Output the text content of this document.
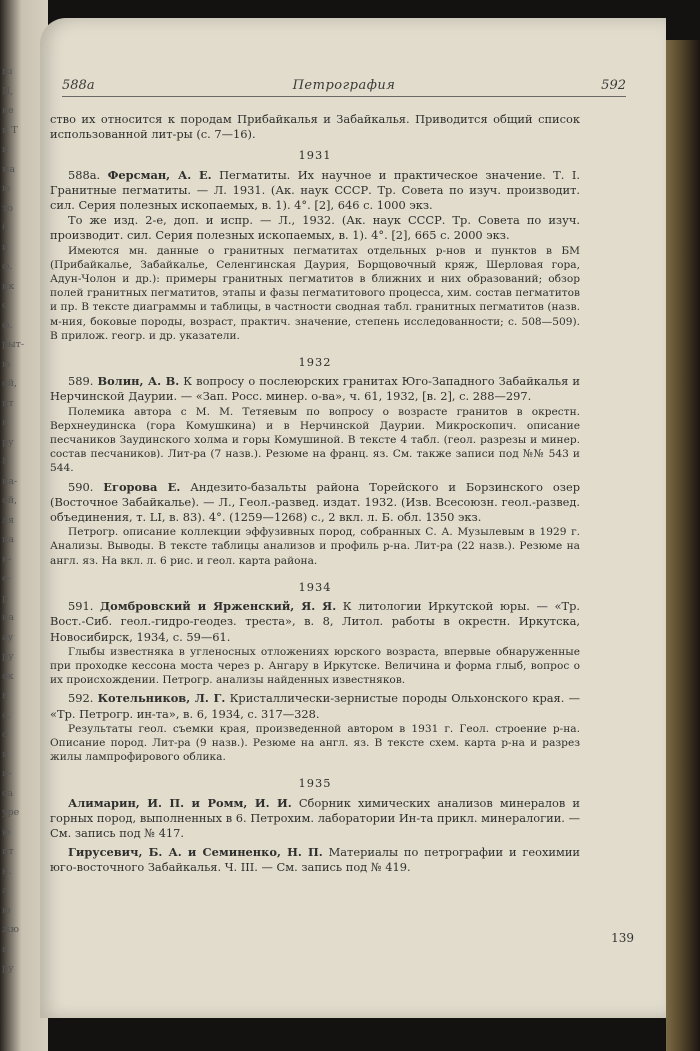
ru
П,
ке
и Т
и
ма
ю
то
6
и
ф.
ик
с
ф.
рыт-
ю
ой,
нт
к
ру
8
на-
ой,
ля
на
к-
е-
р
на
ау
ру
ок
в
с.
о
и
н-
са
уре
ю
ит
н.
а
ю
жю
в
ру
588а	Петрография	592

ство их относится к породам Прибайкалья и Забайкалья. Приводится общий список использованной лит-ры (с. 7—16).

1931

588а. Ферсман, А. Е. Пегматиты. Их научное и практическое значение. Т. I. Гранитные пегматиты. — Л. 1931. (Ак. наук СССР. Тр. Совета по изуч. производит. сил. Серия полезных ископаемых, в. 1). 4°. [2], 646 с. 1000 экз.

То же изд. 2-е, доп. и испр. — Л., 1932. (Ак. наук СССР. Тр. Совета по изуч. производит. сил. Серия полезных ископаемых, в. 1). 4°. [2], 665 с. 2000 экз.

Имеются мн. данные о гранитных пегматитах отдельных р-нов и пунктов в БМ (Прибайкалье, Забайкалье, Селенгинская Даурия, Борщовочный кряж, Шерловая гора, Адун-Чолон и др.): примеры гранитных пегматитов в ближних и них образований; обзор полей гранитных пегматитов, этапы и фазы пегматитового процесса, хим. состав пегматитов и пр. В тексте диаграммы и таблицы, в частности сводная табл. гранитных пегматитов (назв. м-ния, боковые породы, возраст, практич. значение, степень исследованности; с. 508—509). В прилож. геогр. и др. указатели.

1932

589. Волин, А. В. К вопросу о послеюрских гранитах Юго-Западного Забайкалья и Нерчинской Даурии. — «Зап. Росс. минер. о-ва», ч. 61, 1932, [в. 2], с. 288—297.

Полемика автора с М. М. Тетяевым по вопросу о возрасте гранитов в окрестн. Верхнеудинска (гора Комушкина) и в Нерчинской Даурии. Микроскопич. описание песчаников Заудинского холма и горы Комушиной. В тексте 4 табл. (геол. разрезы и минер. состав песчаников). Лит-ра (7 назв.). Резюме на франц. яз. См. также записи под №№ 543 и 544.

590. Егорова Е. Андезито-базальты района Торейского и Борзинского озер (Восточное Забайкалье). — Л., Геол.-развед. издат. 1932. (Изв. Всесоюзн. геол.-развед. объединения, т. LI, в. 83). 4°. (1259—1268) с., 2 вкл. л. Б. обл. 1350 экз.

Петрогр. описание коллекции эффузивных пород, собранных С. А. Музылевым в 1929 г. Анализы. Выводы. В тексте таблицы анализов и профиль р-на. Лит-ра (22 назв.). Резюме на англ. яз. На вкл. л. 6 рис. и геол. карта района.

1934

591. Домбровский и Ярженский, Я. Я. К литологии Иркутской юры. — «Тр. Вост.-Сиб. геол.-гидро-геодез. треста», в. 8, Литол. работы в окрестн. Иркутска, Новосибирск, 1934, с. 59—61.

Глыбы известняка в угленосных отложениях юрского возраста, впервые обнаруженные при проходке кессона моста через р. Ангару в Иркутске. Величина и форма глыб, вопрос о их происхождении. Петрогр. анализы найденных известняков.

592. Котельников, Л. Г. Кристаллически-зернистые породы Ольхонского края. — «Тр. Петрогр. ин-та», в. 6, 1934, с. 317—328.

Результаты геол. съемки края, произведенной автором в 1931 г. Геол. строение р-на. Описание пород. Лит-ра (9 назв.). Резюме на англ. яз. В тексте схем. карта р-на и разрез жилы лампрофирового облика.

1935

Алимарин, И. П. и Ромм, И. И. Сборник химических анализов минералов и горных пород, выполненных в 6. Петрохим. лаборатории Ин-та прикл. минералогии. — См. запись под № 417.

Гирусевич, Б. А. и Семиненко, Н. П. Материалы по петрографии и геохимии юго-восточного Забайкалья. Ч. III. — См. запись под № 419.

139
